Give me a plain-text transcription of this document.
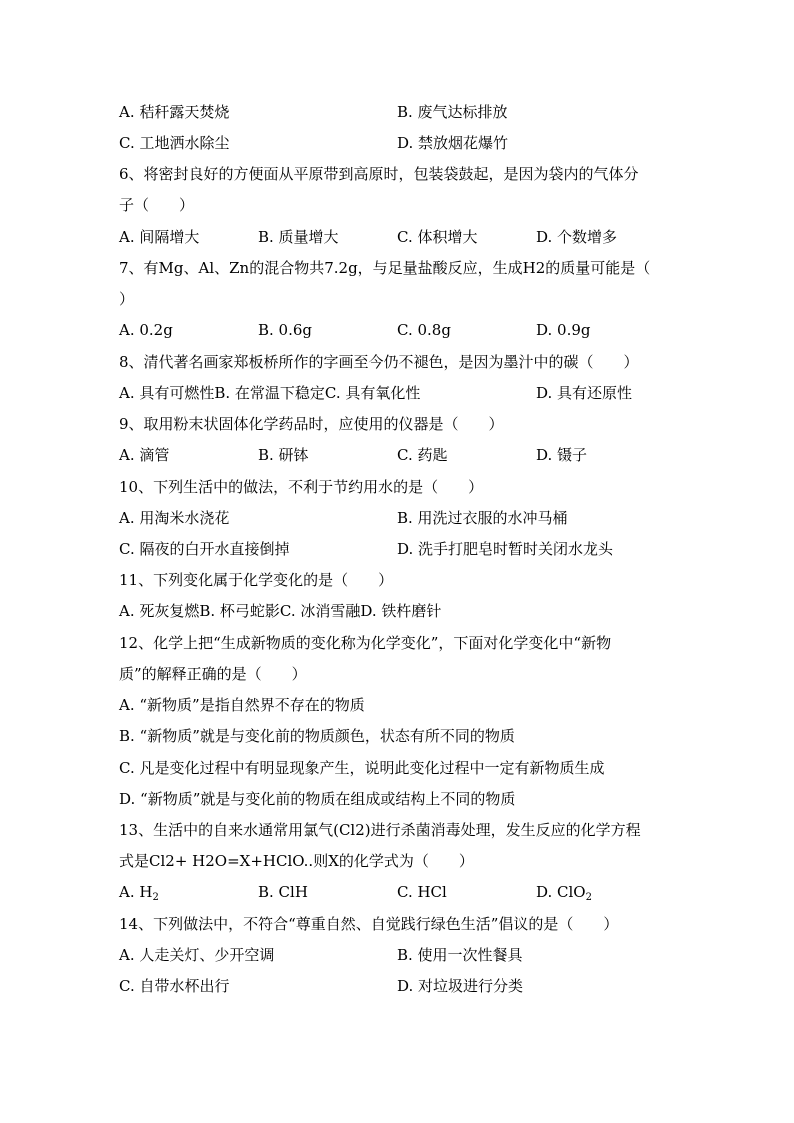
A. 秸秆露天焚烧	B. 废气达标排放
C. 工地洒水除尘	D. 禁放烟花爆竹
6、将密封良好的方便面从平原带到高原时，包装袋鼓起，是因为袋内的气体分
子（　　）
A. 间隔增大	B. 质量增大	C. 体积增大	D. 个数增多
7、有Mg、Al、Zn的混合物共7.2g，与足量盐酸反应，生成H2的质量可能是（
）
A. 0.2g	B. 0.6g	C. 0.8g	D. 0.9g
8、清代著名画家郑板桥所作的字画至今仍不褪色，是因为墨汁中的碳（　　）
A. 具有可燃性B. 在常温下稳定C. 具有氧化性	D. 具有还原性
9、取用粉末状固体化学药品时，应使用的仪器是（　　）
A. 滴管	B. 研钵	C. 药匙	D. 镊子
10、下列生活中的做法，不利于节约用水的是（　　）
A. 用淘米水浇花	B. 用洗过衣服的水冲马桶
C. 隔夜的白开水直接倒掉	D. 洗手打肥皂时暂时关闭水龙头
11、下列变化属于化学变化的是（　　）
A. 死灰复燃B. 杯弓蛇影C. 冰消雪融D. 铁杵磨针
12、化学上把“生成新物质的变化称为化学变化”，下面对化学变化中“新物
质”的解释正确的是（　　）
A. “新物质”是指自然界不存在的物质
B. “新物质”就是与变化前的物质颜色，状态有所不同的物质
C. 凡是变化过程中有明显现象产生，说明此变化过程中一定有新物质生成
D. “新物质”就是与变化前的物质在组成或结构上不同的物质
13、生活中的自来水通常用氯气(Cl2)进行杀菌消毒处理，发生反应的化学方程
式是Cl2+ H2O=X+HClO..则X的化学式为（　　）
A. $H_2$	B. ClH	C. HCl	D. ClO$_2$
14、下列做法中，不符合“尊重自然、自觉践行绿色生活”倡议的是（　　）
A. 人走关灯、少开空调	B. 使用一次性餐具
C. 自带水杯出行	D. 对垃圾进行分类
